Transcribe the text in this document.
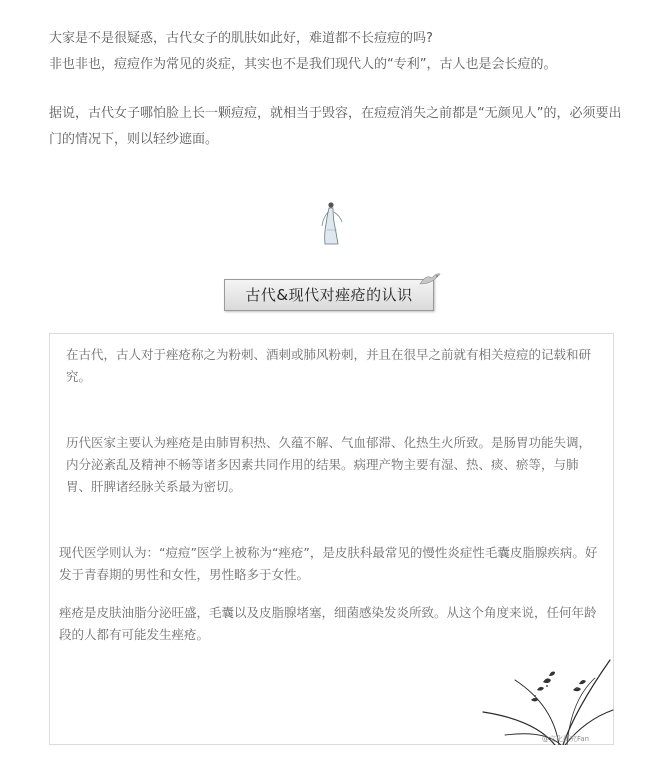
大家是不是很疑惑，古代女子的肌肤如此好，难道都不长痘痘的吗?

非也非也，痘痘作为常见的炎症，其实也不是我们现代人的“专利”，古人也是会长痘的。

据说，古代女子哪怕脸上长一颗痘痘，就相当于毁容，在痘痘消失之前都是“无颜见人”的，必须要出门的情况下，则以轻纱遮面。

古代&现代对痤疮的认识

在古代，古人对于痤疮称之为粉刺、酒刺或肺风粉刺，并且在很早之前就有相关痘痘的记载和研究。

历代医家主要认为痤疮是由肺胃积热、久蕴不解、气血郁滞、化热生火所致。是肠胃功能失调，内分泌紊乱及精神不畅等诸多因素共同作用的结果。病理产物主要有湿、热、痰、瘀等，与肺胃、肝脾诸经脉关系最为密切。

现代医学则认为：“痘痘”医学上被称为“痤疮”，是皮肤科最常见的慢性炎症性毛囊皮脂腺疾病。好发于青春期的男性和女性，男性略多于女性。

痤疮是皮肤油脂分泌旺盛，毛囊以及皮脂腺堵塞，细菌感染发炎所致。从这个角度来说，任何年龄段的人都有可能发生痤疮。

@文化研究Fan
